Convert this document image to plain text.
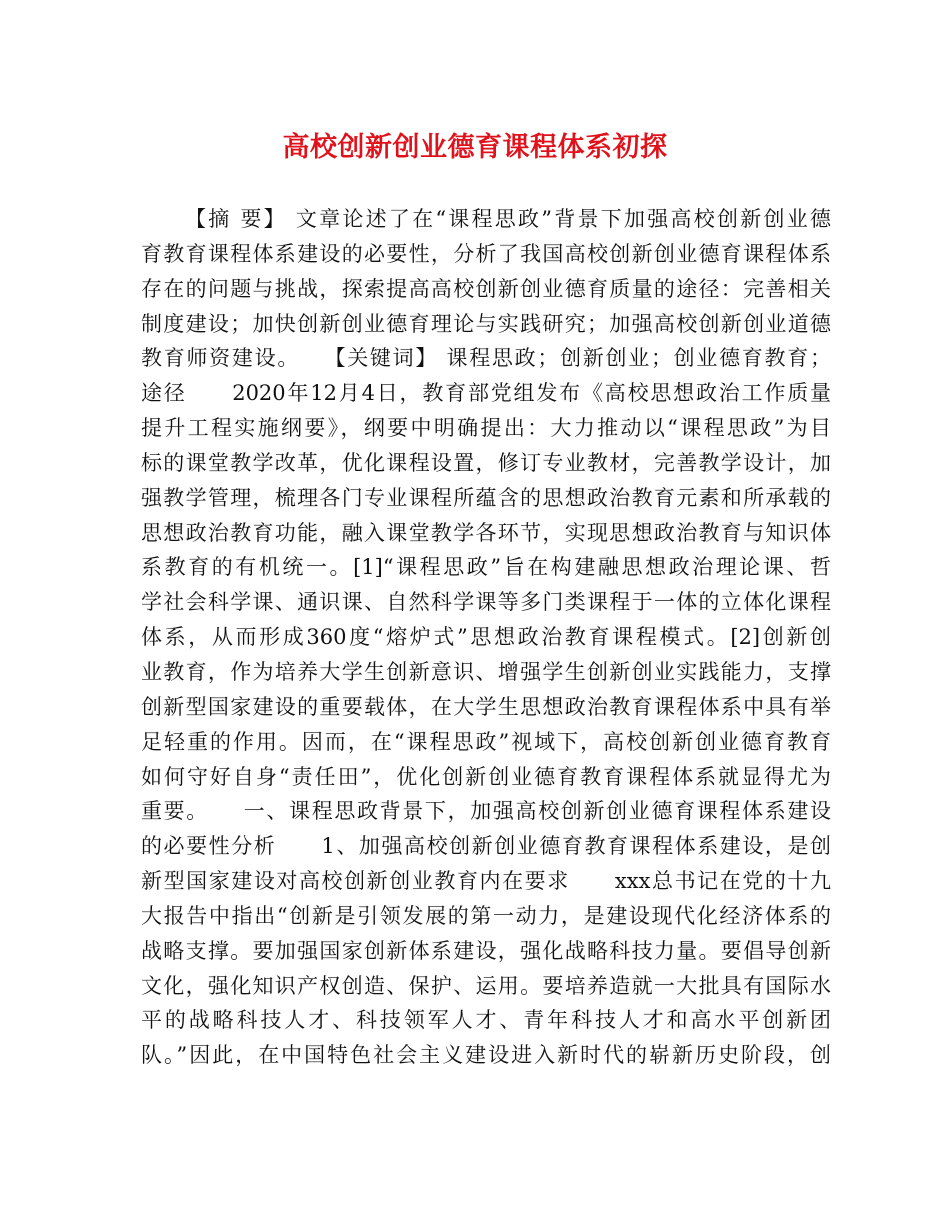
高校创新创业德育课程体系初探
【摘 要】 文章论述了在“课程思政”背景下加强高校创新创业德
育教育课程体系建设的必要性，分析了我国高校创新创业德育课程体系
存在的问题与挑战，探索提高高校创新创业德育质量的途径：完善相关
制度建设；加快创新创业德育理论与实践研究；加强高校创新创业道德
教育师资建设。　　【关键词】 课程思政；创新创业；创业德育教育；
途径　　2020年12月4日，教育部党组发布《高校思想政治工作质量
提升工程实施纲要》，纲要中明确提出：大力推动以“课程思政”为目
标的课堂教学改革，优化课程设置，修订专业教材，完善教学设计，加
强教学管理，梳理各门专业课程所蕴含的思想政治教育元素和所承载的
思想政治教育功能，融入课堂教学各环节，实现思想政治教育与知识体
系教育的有机统一。[1]“课程思政”旨在构建融思想政治理论课、哲
学社会科学课、通识课、自然科学课等多门类课程于一体的立体化课程
体系，从而形成360度“熔炉式”思想政治教育课程模式。[2]创新创
业教育，作为培养大学生创新意识、增强学生创新创业实践能力，支撑
创新型国家建设的重要载体，在大学生思想政治教育课程体系中具有举
足轻重的作用。因而，在“课程思政”视域下，高校创新创业德育教育
如何守好自身“责任田”，优化创新创业德育教育课程体系就显得尤为
重要。　　一、课程思政背景下，加强高校创新创业德育课程体系建设
的必要性分析　　1、加强高校创新创业德育教育课程体系建设，是创
新型国家建设对高校创新创业教育内在要求　　xxx总书记在党的十九
大报告中指出“创新是引领发展的第一动力，是建设现代化经济体系的
战略支撑。要加强国家创新体系建设，强化战略科技力量。要倡导创新
文化，强化知识产权创造、保护、运用。要培养造就一大批具有国际水
平的战略科技人才、科技领军人才、青年科技人才和高水平创新团
队。”因此，在中国特色社会主义建设进入新时代的崭新历史阶段，创
